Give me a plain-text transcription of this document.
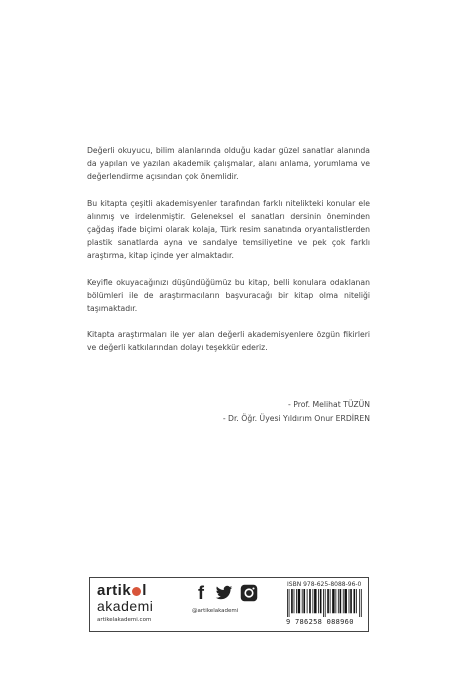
Değerli okuyucu, bilim alanlarında olduğu kadar güzel sanatlar alanında da yapılan ve yazılan akademik çalışmalar, alanı anlama, yorumlama ve değerlendirme açısından çok önemlidir.

Bu kitapta çeşitli akademisyenler tarafından farklı nitelikteki konular ele alınmış ve irdelenmiştir. Geleneksel el sanatları dersinin öneminden çağdaş ifade biçimi olarak kolaja, Türk resim sanatında oryantalistlerden plastik sanatlarda ayna ve sandalye temsiliyetine ve pek çok farklı araştırma, kitap içinde yer almaktadır.

Keyifle okuyacağınızı düşündüğümüz bu kitap, belli konulara odaklanan bölümleri ile de araştırmacıların başvuracağı bir kitap olma niteliği taşımaktadır.

Kitapta araştırmaları ile yer alan değerli akademisyenlere özgün fikirleri ve değerli katkılarından dolayı teşekkür ederiz.

- Prof. Melihat TÜZÜN
- Dr. Öğr. Üyesi Yıldırım Onur ERDİREN
artik l
akademi
artikelakademi.com
f
@artikelakademi
ISBN 978-625-8088-96-0
9 786258 088960
